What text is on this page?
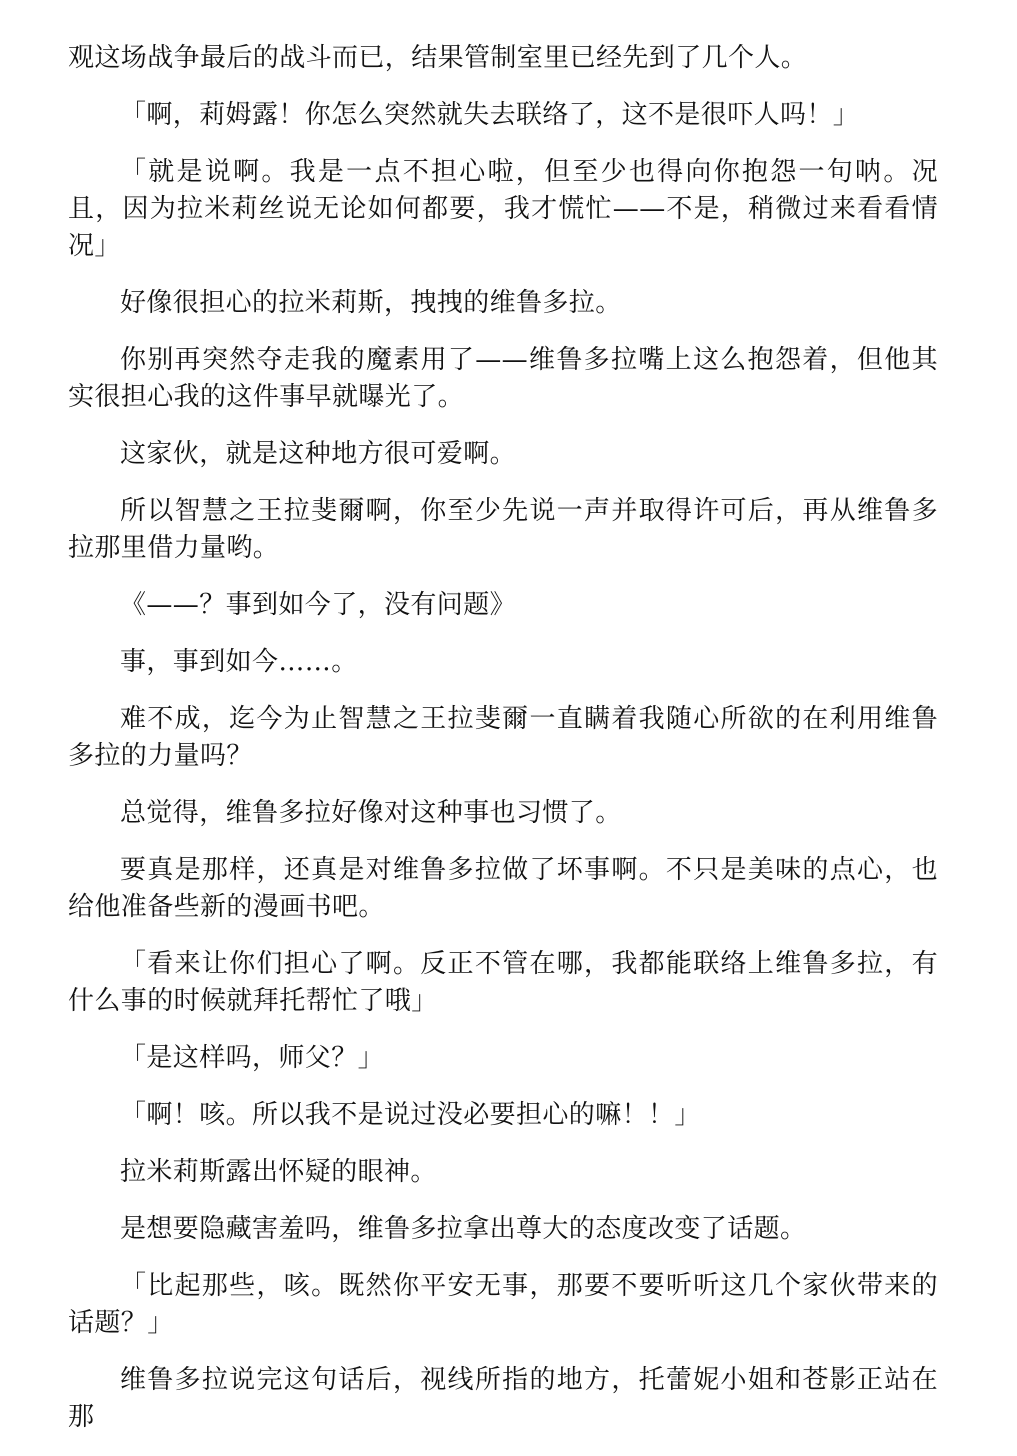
观这场战争最后的战斗而已，结果管制室里已经先到了几个人。

「啊，莉姆露！你怎么突然就失去联络了，这不是很吓人吗！」

「就是说啊。我是一点不担心啦，但至少也得向你抱怨一句呐。况且，因为拉米莉丝说无论如何都要，我才慌忙——不是，稍微过来看看情况」

好像很担心的拉米莉斯，拽拽的维鲁多拉。

你别再突然夺走我的魔素用了——维鲁多拉嘴上这么抱怨着，但他其实很担心我的这件事早就曝光了。

这家伙，就是这种地方很可爱啊。

所以智慧之王拉斐爾啊，你至少先说一声并取得许可后，再从维鲁多拉那里借力量哟。

《——？事到如今了，没有问题》

事，事到如今……。

难不成，迄今为止智慧之王拉斐爾一直瞒着我随心所欲的在利用维鲁多拉的力量吗？

总觉得，维鲁多拉好像对这种事也习惯了。

要真是那样，还真是对维鲁多拉做了坏事啊。不只是美味的点心，也给他准备些新的漫画书吧。

「看来让你们担心了啊。反正不管在哪，我都能联络上维鲁多拉，有什么事的时候就拜托帮忙了哦」

「是这样吗，师父？」

「啊！咳。所以我不是说过没必要担心的嘛！！」

拉米莉斯露出怀疑的眼神。

是想要隐藏害羞吗，维鲁多拉拿出尊大的态度改变了话题。

「比起那些，咳。既然你平安无事，那要不要听听这几个家伙带来的话题？」

维鲁多拉说完这句话后，视线所指的地方，托蕾妮小姐和苍影正站在那
